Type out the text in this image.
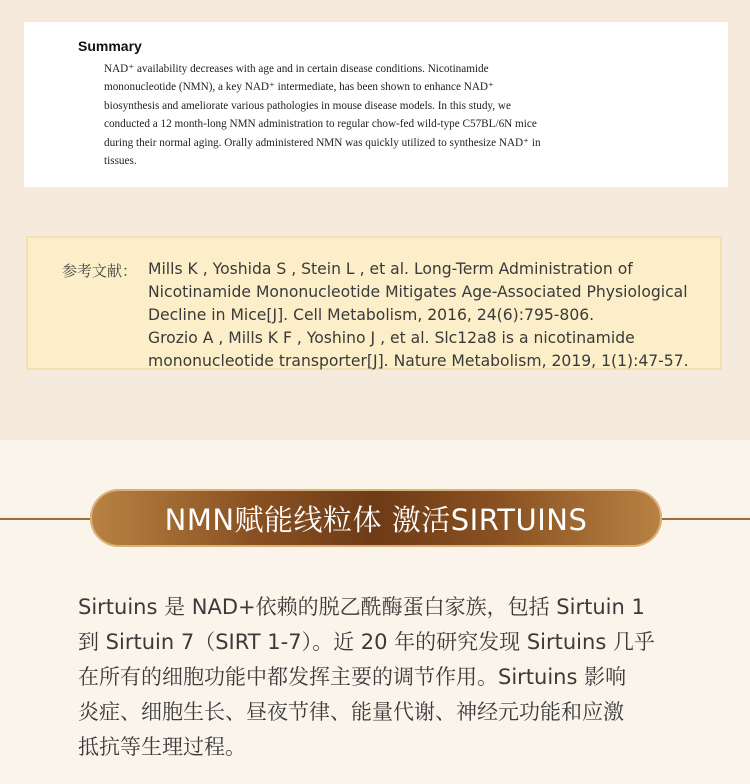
Summary
NAD⁺ availability decreases with age and in certain disease conditions. Nicotinamide
mononucleotide (NMN), a key NAD⁺ intermediate, has been shown to enhance NAD⁺
biosynthesis and ameliorate various pathologies in mouse disease models. In this study, we
conducted a 12 month-long NMN administration to regular chow-fed wild-type C57BL/6N mice
during their normal aging. Orally administered NMN was quickly utilized to synthesize NAD⁺ in
tissues.
参考文献： Mills K , Yoshida S , Stein L , et al. Long-Term Administration of
Nicotinamide Mononucleotide Mitigates Age-Associated Physiological
Decline in Mice[J]. Cell Metabolism, 2016, 24(6):795-806.
Grozio A , Mills K F , Yoshino J , et al. Slc12a8 is a nicotinamide
mononucleotide transporter[J]. Nature Metabolism, 2019, 1(1):47-57.
NMN赋能线粒体 激活SIRTUINS
Sirtuins 是 NAD+依赖的脱乙酰酶蛋白家族，包括 Sirtuin 1
到 Sirtuin 7（SIRT 1-7）。近 20 年的研究发现 Sirtuins 几乎
在所有的细胞功能中都发挥主要的调节作用。Sirtuins 影响
炎症、细胞生长、昼夜节律、能量代谢、神经元功能和应激
抵抗等生理过程。
